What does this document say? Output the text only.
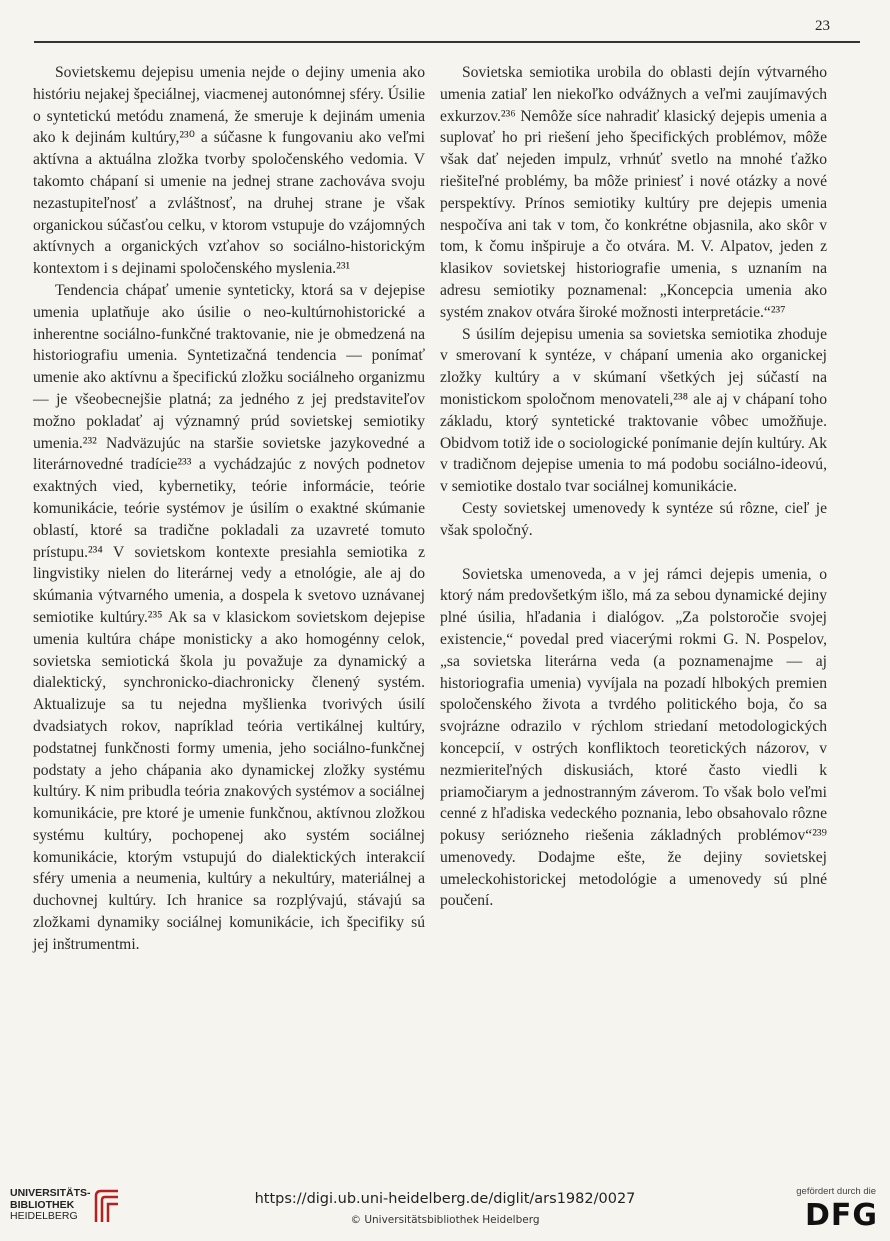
23

Sovietskemu dejepisu umenia nejde o dejiny umenia ako históriu nejakej špeciálnej, viacmenej autonómnej sféry. Úsilie o syntetickú metódu znamená, že smeruje k dejinám umenia ako k dejinám kultúry,²³⁰ a súčasne k fungovaniu ako veľmi aktívna a aktuálna zložka tvorby spoločenského vedomia. V takomto chápaní si umenie na jednej strane zachováva svoju nezastupiteľnosť a zvláštnosť, na druhej strane je však organickou súčasťou celku, v ktorom vstupuje do vzájomných aktívnych a organických vzťahov so sociálno-historickým kontextom i s dejinami spoločenského myslenia.²³¹

Tendencia chápať umenie synteticky, ktorá sa v dejepise umenia uplatňuje ako úsilie o neo-kultúrnohistorické a inherentne sociálno-funkčné traktovanie, nie je obmedzená na historiografiu umenia. Syntetizačná tendencia — ponímať umenie ako aktívnu a špecifickú zložku sociálneho organizmu — je všeobecnejšie platná; za jedného z jej predstaviteľov možno pokladať aj významný prúd sovietskej semiotiky umenia.²³² Nadväzujúc na staršie sovietske jazykovedné a literárnovedné tradície²³³ a vychádzajúc z nových podnetov exaktných vied, kybernetiky, teórie informácie, teórie komunikácie, teórie systémov je úsilím o exaktné skúmanie oblastí, ktoré sa tradične pokladali za uzavreté tomuto prístupu.²³⁴ V sovietskom kontexte presiahla semiotika z lingvistiky nielen do literárnej vedy a etnológie, ale aj do skúmania výtvarného umenia, a dospela k svetovo uznávanej semiotike kultúry.²³⁵ Ak sa v klasickom sovietskom dejepise umenia kultúra chápe monisticky a ako homogénny celok, sovietska semiotická škola ju považuje za dynamický a dialektický, synchronicko-diachronicky členený systém. Aktualizuje sa tu nejedna myšlienka tvorivých úsilí dvadsiatych rokov, napríklad teória vertikálnej kultúry, podstatnej funkčnosti formy umenia, jeho sociálno-funkčnej podstaty a jeho chápania ako dynamickej zložky systému kultúry. K nim pribudla teória znakových systémov a sociálnej komunikácie, pre ktoré je umenie funkčnou, aktívnou zložkou systému kultúry, pochopenej ako systém sociálnej komunikácie, ktorým vstupujú do dialektických interakcií sféry umenia a neumenia, kultúry a nekultúry, materiálnej a duchovnej kultúry. Ich hranice sa rozplývajú, stávajú sa zložkami dynamiky sociálnej komunikácie, ich špecifiky sú jej inštrumentmi.

Sovietska semiotika urobila do oblasti dejín výtvarného umenia zatiaľ len niekoľko odvážnych a veľmi zaujímavých exkurzov.²³⁶ Nemôže síce nahradiť klasický dejepis umenia a suplovať ho pri riešení jeho špecifických problémov, môže však dať nejeden impulz, vrhnúť svetlo na mnohé ťažko riešiteľné problémy, ba môže priniesť i nové otázky a nové perspektívy. Prínos semiotiky kultúry pre dejepis umenia nespočíva ani tak v tom, čo konkrétne objasnila, ako skôr v tom, k čomu inšpiruje a čo otvára. M. V. Alpatov, jeden z klasikov sovietskej historiografie umenia, s uznaním na adresu semiotiky poznamenal: „Koncepcia umenia ako systém znakov otvára široké možnosti interpretácie.“²³⁷

S úsilím dejepisu umenia sa sovietska semiotika zhoduje v smerovaní k syntéze, v chápaní umenia ako organickej zložky kultúry a v skúmaní všetkých jej súčastí na monistickom spoločnom menovateli,²³⁸ ale aj v chápaní toho základu, ktorý syntetické traktovanie vôbec umožňuje. Obidvom totiž ide o sociologické ponímanie dejín kultúry. Ak v tradičnom dejepise umenia to má podobu sociálno-ideovú, v semiotike dostalo tvar sociálnej komunikácie.

Cesty sovietskej umenovedy k syntéze sú rôzne, cieľ je však spoločný.

Sovietska umenoveda, a v jej rámci dejepis umenia, o ktorý nám predovšetkým išlo, má za sebou dynamické dejiny plné úsilia, hľadania i dialógov. „Za polstoročie svojej existencie,“ povedal pred viacerými rokmi G. N. Pospelov, „sa sovietska literárna veda (a poznamenajme — aj historiografia umenia) vyvíjala na pozadí hlbokých premien spoločenského života a tvrdého politického boja, čo sa svojrázne odrazilo v rýchlom striedaní metodologických koncepcií, v ostrých konfliktoch teoretických názorov, v nezmieriteľných diskusiách, ktoré často viedli k priamočiarym a jednostranným záverom. To však bolo veľmi cenné z hľadiska vedeckého poznania, lebo obsahovalo rôzne pokusy seriózneho riešenia základných problémov“²³⁹ umenovedy. Dodajme ešte, že dejiny sovietskej umeleckohistorickej metodológie a umenovedy sú plné poučení.

UNIVERSITÄTS-
BIBLIOTHEK
HEIDELBERG
https://digi.ub.uni-heidelberg.de/diglit/ars1982/0027
© Universitätsbibliothek Heidelberg
gefördert durch die
DFG
